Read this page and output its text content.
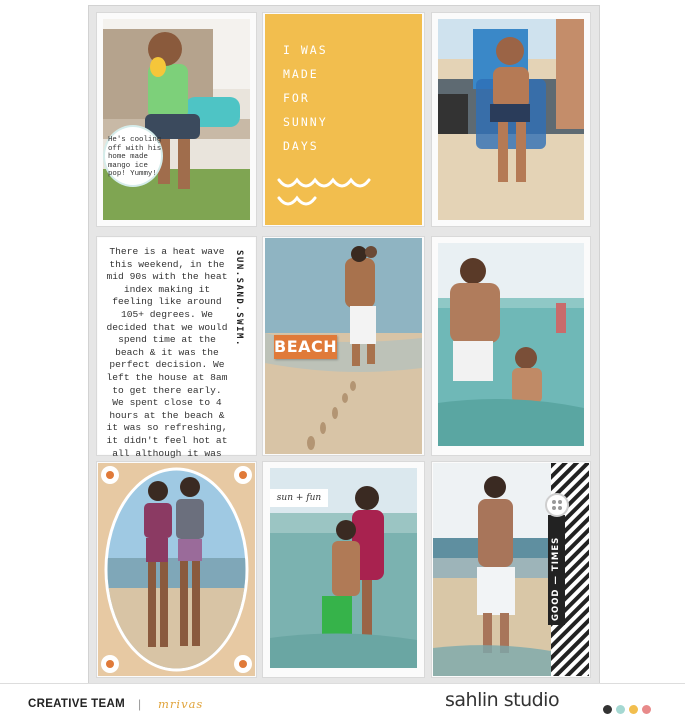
He's cooling off with his home made mango ice pop! Yummy!
I WAS
MADE
FOR
SUNNY
DAYS
There is a heat wave this weekend, in the mid 90s with the heat index making it feeling like around 105+ degrees. We decided that we would spend time at the beach & it was the perfect decision. We left the house at 8am to get there early. We spent close to 4 hours at the beach & it was so refreshing, it didn't feel hot at all although it was
SUN.SAND.SWIM. BEACH
sun + fun
GOOD — TIMES
CREATIVE TEAM | mrivas	sahlin studio
